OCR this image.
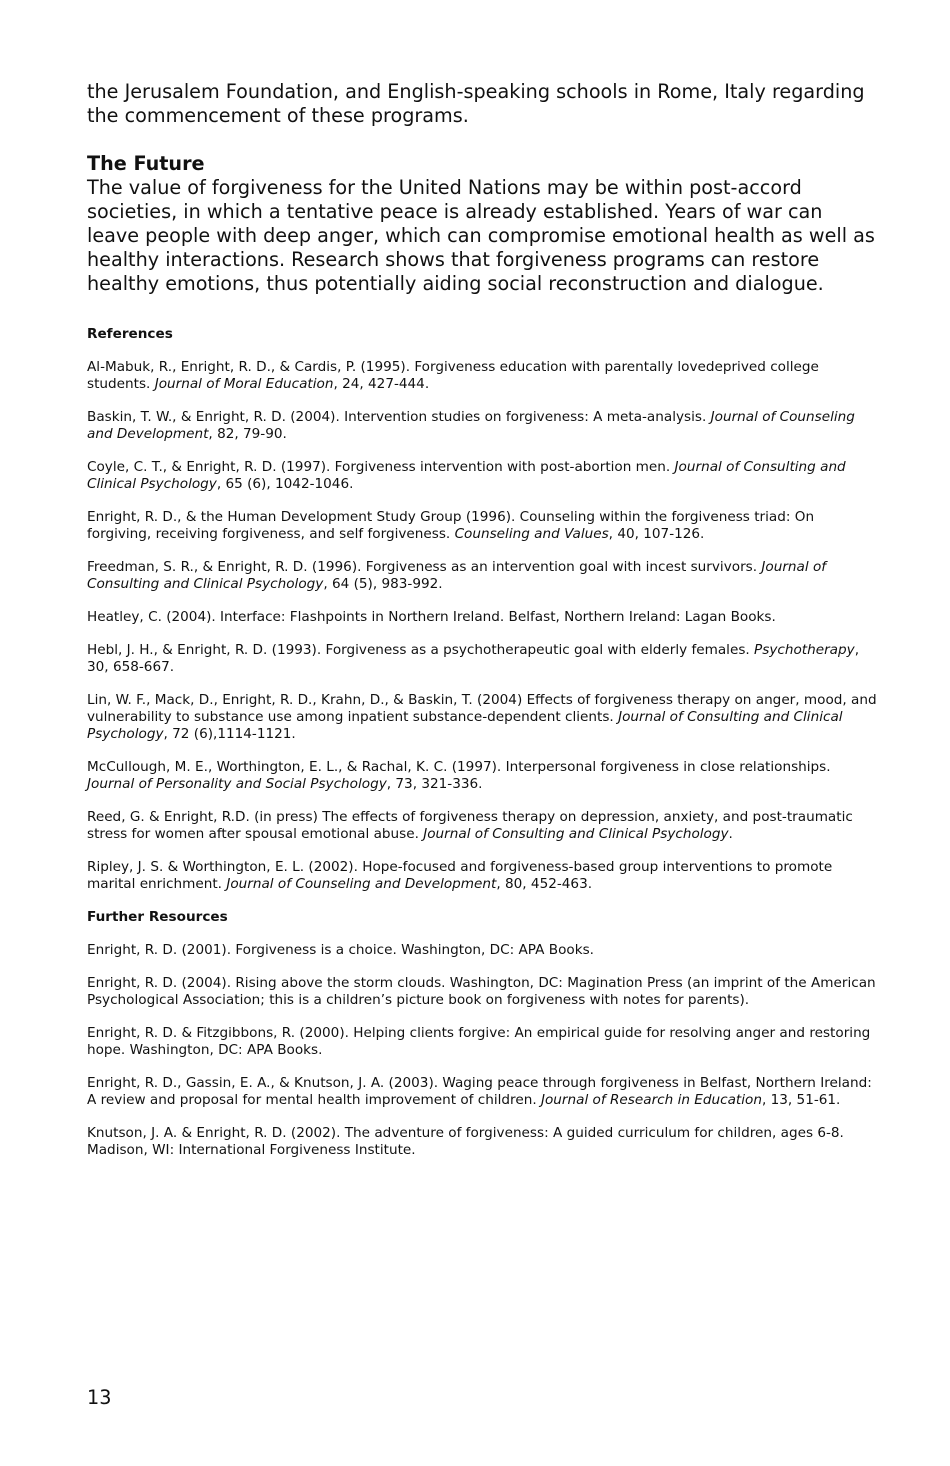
the Jerusalem Foundation, and English-speaking schools in Rome, Italy regarding the commencement of these programs.

The Future

The value of forgiveness for the United Nations may be within post-accord societies, in which a tentative peace is already established. Years of war can leave people with deep anger, which can compromise emotional health as well as healthy interactions. Research shows that forgiveness programs can restore healthy emotions, thus potentially aiding social reconstruction and dialogue.

References
Al-Mabuk, R., Enright, R. D., & Cardis, P. (1995). Forgiveness education with parentally lovedeprived college students. Journal of Moral Education, 24, 427-444.
Baskin, T. W., & Enright, R. D. (2004). Intervention studies on forgiveness: A meta-analysis. Journal of Counseling and Development, 82, 79-90.
Coyle, C. T., & Enright, R. D. (1997). Forgiveness intervention with post-abortion men. Journal of Consulting and Clinical Psychology, 65 (6), 1042-1046.
Enright, R. D., & the Human Development Study Group (1996). Counseling within the forgiveness triad: On forgiving, receiving forgiveness, and self forgiveness. Counseling and Values, 40, 107-126.
Freedman, S. R., & Enright, R. D. (1996). Forgiveness as an intervention goal with incest survivors. Journal of Consulting and Clinical Psychology, 64 (5), 983-992.
Heatley, C. (2004). Interface: Flashpoints in Northern Ireland. Belfast, Northern Ireland: Lagan Books.
Hebl, J. H., & Enright, R. D. (1993). Forgiveness as a psychotherapeutic goal with elderly females. Psychotherapy, 30, 658-667.
Lin, W. F., Mack, D., Enright, R. D., Krahn, D., & Baskin, T. (2004) Effects of forgiveness therapy on anger, mood, and vulnerability to substance use among inpatient substance-dependent clients. Journal of Consulting and Clinical Psychology, 72 (6),1114-1121.
McCullough, M. E., Worthington, E. L., & Rachal, K. C. (1997). Interpersonal forgiveness in close relationships. Journal of Personality and Social Psychology, 73, 321-336.
Reed, G. & Enright, R.D. (in press) The effects of forgiveness therapy on depression, anxiety, and post-traumatic stress for women after spousal emotional abuse. Journal of Consulting and Clinical Psychology.
Ripley, J. S. & Worthington, E. L. (2002). Hope-focused and forgiveness-based group interventions to promote marital enrichment. Journal of Counseling and Development, 80, 452-463.
Further Resources
Enright, R. D. (2001). Forgiveness is a choice. Washington, DC: APA Books.
Enright, R. D. (2004). Rising above the storm clouds. Washington, DC: Magination Press (an imprint of the American Psychological Association; this is a children’s picture book on forgiveness with notes for parents).
Enright, R. D. & Fitzgibbons, R. (2000). Helping clients forgive: An empirical guide for resolving anger and restoring hope. Washington, DC: APA Books.
Enright, R. D., Gassin, E. A., & Knutson, J. A. (2003). Waging peace through forgiveness in Belfast, Northern Ireland: A review and proposal for mental health improvement of children. Journal of Research in Education, 13, 51-61.
Knutson, J. A. & Enright, R. D. (2002). The adventure of forgiveness: A guided curriculum for children, ages 6-8. Madison, WI: International Forgiveness Institute.
13
